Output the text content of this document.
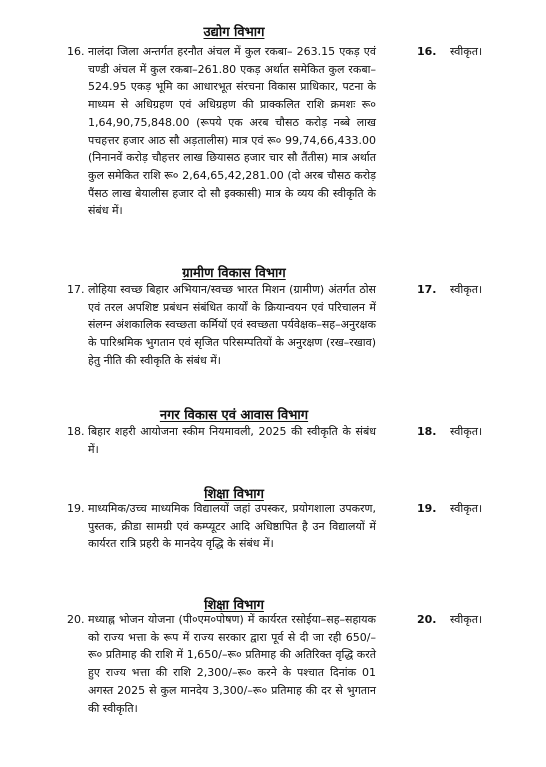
उद्योग विभाग
16. नालंदा जिला अन्तर्गत हरनौत अंचल में कुल रकबा– 263.15 एकड़ एवं चण्डी अंचल में कुल रकबा–261.80 एकड़ अर्थात समेकित कुल रकबा–524.95 एकड़ भूमि का आधारभूत संरचना विकास प्राधिकार, पटना के माध्यम से अधिग्रहण एवं अधिग्रहण की प्राक्कलित राशि क्रमशः रू० 1,64,90,75,848.00 (रूपये एक अरब चौसठ करोड़ नब्बे लाख पचहत्तर हजार आठ सौ अड़तालीस) मात्र एवं रू० 99,74,66,433.00 (निनानवें करोड़ चौहत्तर लाख छियासठ हजार चार सौ तैंतीस) मात्र अर्थात कुल समेकित राशि रू० 2,64,65,42,281.00 (दो अरब चौसठ करोड़ पैंसठ लाख बेयालीस हजार दो सौ इक्कासी) मात्र के व्यय की स्वीकृति के संबंध में।
16. स्वीकृत।
ग्रामीण विकास विभाग
17. लोहिया स्वच्छ बिहार अभियान/स्वच्छ भारत मिशन (ग्रामीण) अंतर्गत ठोस एवं तरल अपशिष्ट प्रबंधन संबंधित कार्यों के क्रियान्वयन एवं परिचालन में संलग्न अंशकालिक स्वच्छता कर्मियों एवं स्वच्छता पर्यवेक्षक–सह–अनुरक्षक के पारिश्रमिक भुगतान एवं सृजित परिसम्पतियों के अनुरक्षण (रख–रखाव) हेतु नीति की स्वीकृति के संबंध में।
17. स्वीकृत।
नगर विकास एवं आवास विभाग
18. बिहार शहरी आयोजना स्कीम नियमावली, 2025 की स्वीकृति के संबंध में।
18. स्वीकृत।
शिक्षा विभाग
19. माध्यमिक/उच्च माध्यमिक विद्यालयों जहां उपस्कर, प्रयोगशाला उपकरण, पुस्तक, क्रीडा सामग्री एवं कम्प्यूटर आदि अधिष्ठापित है उन विद्यालयों में कार्यरत रात्रि प्रहरी के मानदेय वृद्धि के संबंध में।
19. स्वीकृत।
शिक्षा विभाग
20. मध्याह्न भोजन योजना (पी०एम०पोषण) में कार्यरत रसोईया–सह–सहायक को राज्य भत्ता के रूप में राज्य सरकार द्वारा पूर्व से दी जा रही 650/–रू० प्रतिमाह की राशि में 1,650/–रू० प्रतिमाह की अतिरिक्त वृद्धि करते हुए राज्य भत्ता की राशि 2,300/–रू० करने के पश्चात दिनांक 01 अगस्त 2025 से कुल मानदेय 3,300/–रू० प्रतिमाह की दर से भुगतान की स्वीकृति।
20. स्वीकृत।
